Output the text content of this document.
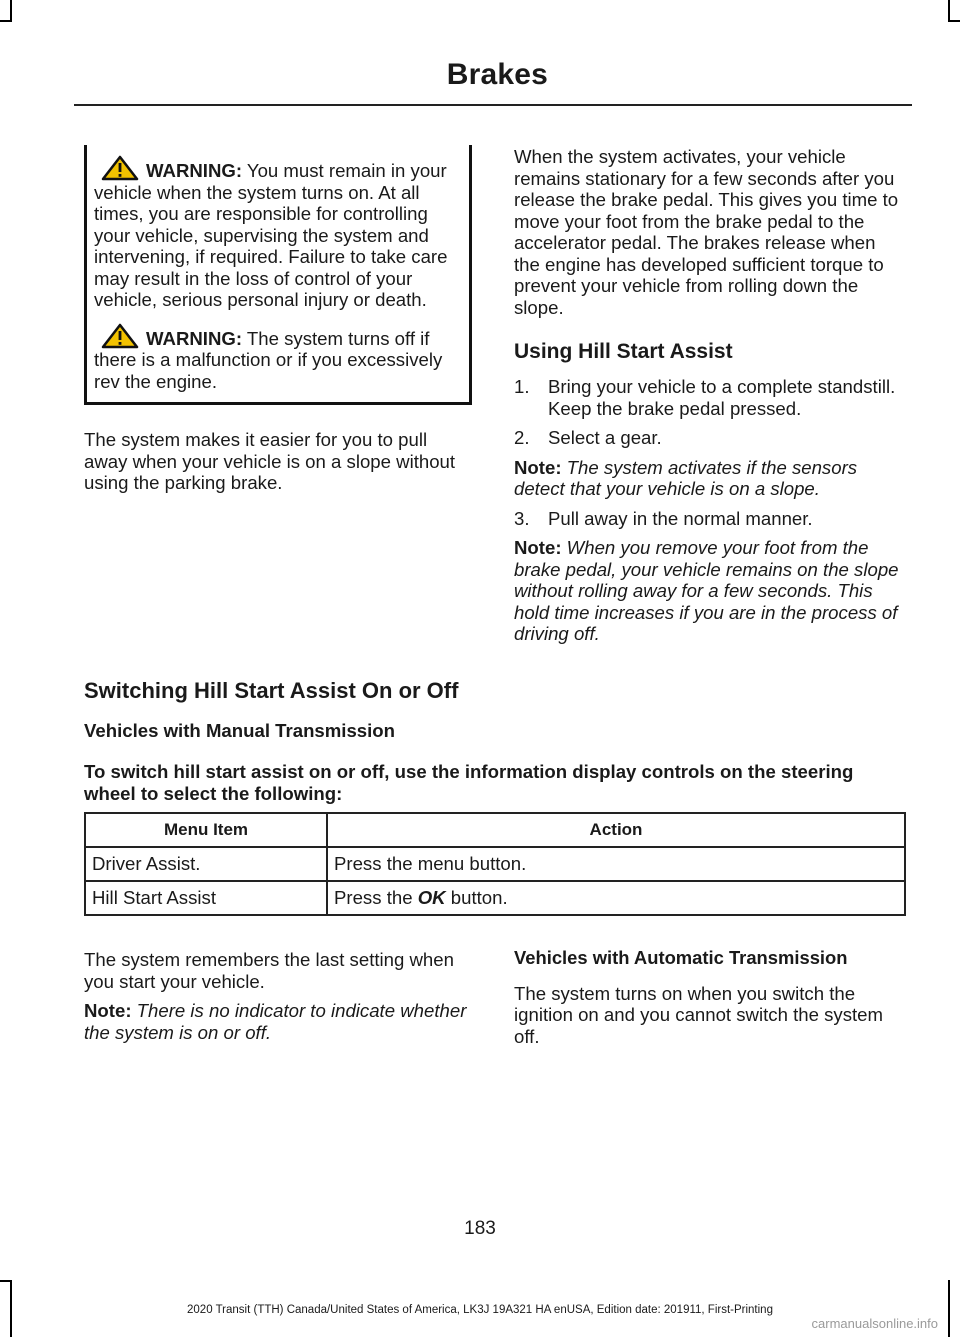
Brakes

WARNING: You must remain in your vehicle when the system turns on. At all times, you are responsible for controlling your vehicle, supervising the system and intervening, if required. Failure to take care may result in the loss of control of your vehicle, serious personal injury or death.

WARNING: The system turns off if there is a malfunction or if you excessively rev the engine.

The system makes it easier for you to pull away when your vehicle is on a slope without using the parking brake.

When the system activates, your vehicle remains stationary for a few seconds after you release the brake pedal. This gives you time to move your foot from the brake pedal to the accelerator pedal. The brakes release when the engine has developed sufficient torque to prevent your vehicle from rolling down the slope.

Using Hill Start Assist
1. Bring your vehicle to a complete standstill. Keep the brake pedal pressed.
2. Select a gear.

Note: The system activates if the sensors detect that your vehicle is on a slope.

3. Pull away in the normal manner.

Note: When you remove your foot from the brake pedal, your vehicle remains on the slope without rolling away for a few seconds. This hold time increases if you are in the process of driving off.

Switching Hill Start Assist On or Off
Vehicles with Manual Transmission
To switch hill start assist on or off, use the information display controls on the steering wheel to select the following:
Menu Item	Action
Driver Assist.	Press the menu button.
Hill Start Assist	Press the OK button.

The system remembers the last setting when you start your vehicle.

Note: There is no indicator to indicate whether the system is on or off.

Vehicles with Automatic Transmission

The system turns on when you switch the ignition on and you cannot switch the system off.

183
2020 Transit (TTH) Canada/United States of America, LK3J 19A321 HA enUSA, Edition date: 201911, First-Printing
carmanualsonline.info
